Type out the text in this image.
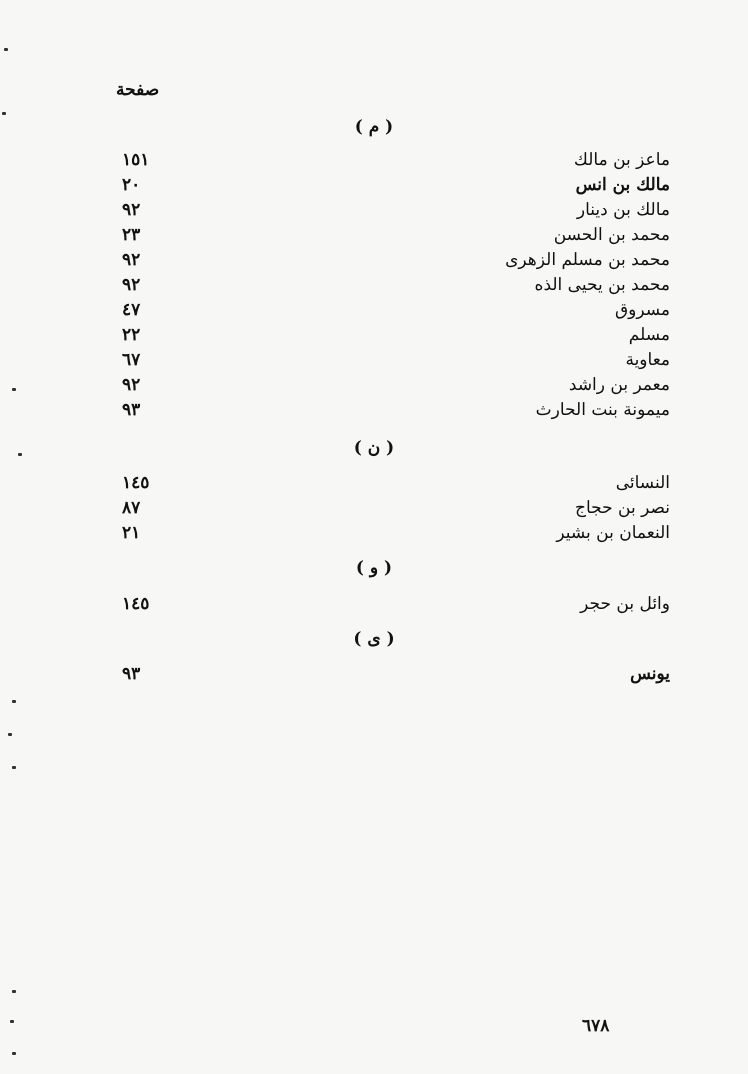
صفحة
( م )
ماعز بن مالك
١٥١
مالك بن انس
٢٠
مالك بن دينار
٩٢
محمد بن الحسن
٢٣
محمد بن مسلم الزهرى
٩٢
محمد بن يحيى الذه
٩٢
مسروق
٤٧
مسلم
٢٢
معاوية
٦٧
معمر بن راشد
٩٢
ميمونة بنت الحارث
٩٣
( ن )
النسائى
١٤٥
نصر بن حجاج
٨٧
النعمان بن بشير
٢١
( و )
وائل بن حجر
١٤٥
( ى )
يونس
٩٣
٦٧٨
